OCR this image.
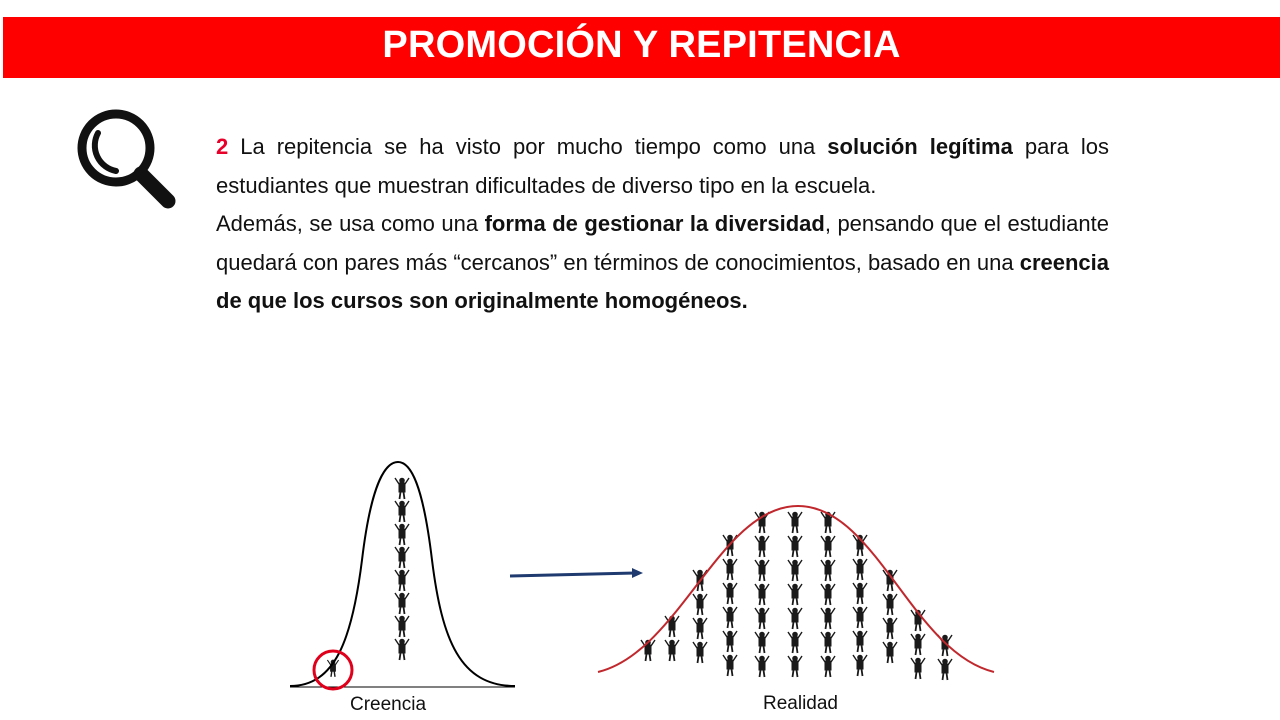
PROMOCIÓN Y REPITENCIA

2 La repitencia se ha visto por mucho tiempo como una solución legítima para los estudiantes que muestran dificultades de diverso tipo en la escuela.

Además, se usa como una forma de gestionar la diversidad, pensando que el estudiante quedará con pares más “cercanos” en términos de conocimientos, basado en una creencia de que los cursos son originalmente homogéneos.

Creencia	Realidad
